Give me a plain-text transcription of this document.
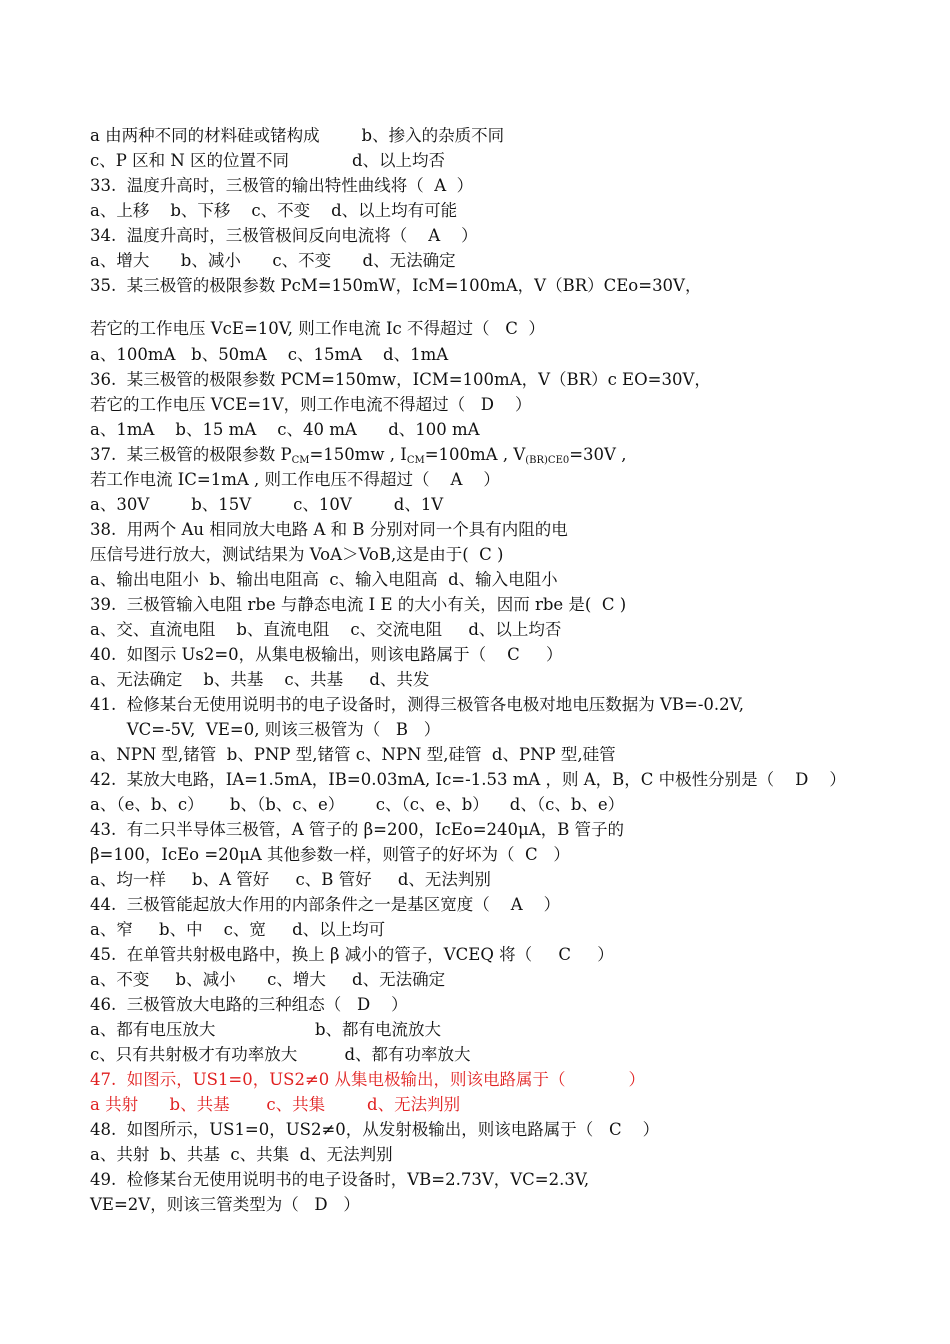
a 由两种不同的材料硅或锗构成        b、掺入的杂质不同
c、P 区和 N 区的位置不同            d、以上均否
33.  温度升高时，三极管的输出特性曲线将（  A  ）
a、上移    b、下移    c、不变    d、以上均有可能
34.  温度升高时，三极管极间反向电流将（    A    ）
a、增大      b、减小      c、不变      d、无法确定
35.  某三极管的极限参数 PcM=150mW，IcM=100mA，V（BR）CEo=30V，
若它的工作电压 VcE=10V, 则工作电流 Ic 不得超过（   C  ）
a、100mA   b、50mA    c、15mA    d、1mA
36.  某三极管的极限参数 PCM=150mw，ICM=100mA，V（BR）c EO=30V，
若它的工作电压 VCE=1V，则工作电流不得超过（   D    ）
a、1mA    b、15 mA    c、40 mA      d、100 mA
37.  某三极管的极限参数 $P_{CM}=150mw$ , $I_{CM}=100mA$ , $V_{(BR)CE0}=30V$ ,
若工作电流 IC=1mA , 则工作电压不得超过（    A    ）
a、30V        b、15V        c、10V        d、1V
38.  用两个 Au 相同放大电路 A 和 B 分别对同一个具有内阻的电
压信号进行放大，测试结果为 VoA＞VoB,这是由于(  C )
a、输出电阻小  b、输出电阻高  c、输入电阻高  d、输入电阻小
39.  三极管输入电阻 rbe 与静态电流 I E 的大小有关，因而 rbe 是(  C )
a、交、直流电阻    b、直流电阻    c、交流电阻     d、以上均否
40.  如图示 Us2=0，从集电极输出，则该电路属于（    C     ）
a、无法确定    b、共基    c、共基     d、共发
41.  检修某台无使用说明书的电子设备时，测得三极管各电极对地电压数据为 VB=-0.2V,
VC=-5V,  VE=0, 则该三极管为（   B   ）
a、NPN 型,锗管  b、PNP 型,锗管 c、NPN 型,硅管  d、PNP 型,硅管
42.  某放大电路，IA=1.5mA，IB=0.03mA, Ic=-1.53 mA ，则 A，B，C 中极性分别是（    D    ）
a、（e、b、c）     b、（b、c、e）      c、（c、e、b）    d、（c、b、e）
43.  有二只半导体三极管，A 管子的 β=200，IcEo=240μA，B 管子的
β=100，IcEo =20μA 其他参数一样，则管子的好坏为（  C   ）
a、均一样     b、A 管好     c、B 管好     d、无法判别
44.  三极管能起放大作用的内部条件之一是基区宽度（    A    ）
a、窄     b、中    c、宽     d、以上均可
45.  在单管共射极电路中，换上 β 减小的管子，VCEQ 将（     C     ）
a、不变     b、减小      c、增大     d、无法确定
46.  三极管放大电路的三种组态（   D    ）
a、都有电压放大                   b、都有电流放大
c、只有共射极才有功率放大         d、都有功率放大
47.  如图示，US1=0，US2≠0 从集电极输出，则该电路属于（            ）
a 共射      b、共基       c、共集        d、无法判别
48.  如图所示，US1=0，US2≠0，从发射极输出，则该电路属于（   C    ）
a、共射  b、共基  c、共集  d、无法判别
49.  检修某台无使用说明书的电子设备时，VB=2.73V，VC=2.3V,
VE=2V，则该三管类型为（   D   ）
